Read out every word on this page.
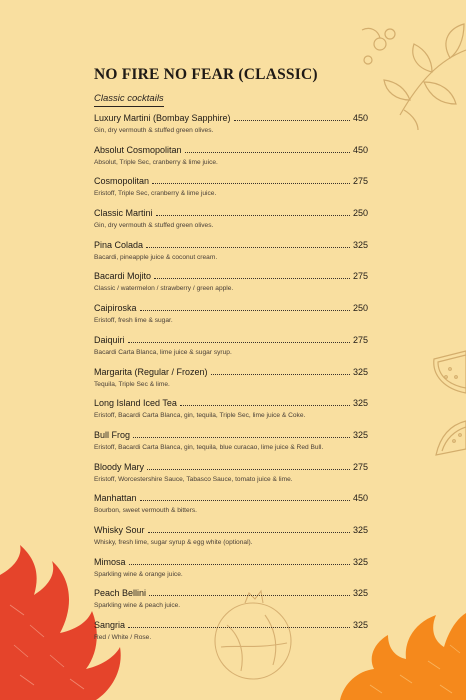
NO FIRE NO FEAR (CLASSIC)
Classic cocktails
Luxury Martini (Bombay Sapphire)	450
Gin, dry vermouth & stuffed green olives.
Absolut Cosmopolitan	450
Absolut, Triple Sec, cranberry & lime juice.
Cosmopolitan	275
Eristoff, Triple Sec, cranberry & lime juice.
Classic Martini	250
Gin, dry vermouth & stuffed green olives.
Pina Colada	325
Bacardi, pineapple juice & coconut cream.
Bacardi Mojito	275
Classic / watermelon / strawberry / green apple.
Caipiroska	250
Eristoff, fresh lime & sugar.
Daiquiri	275
Bacardi Carta Blanca, lime juice & sugar syrup.
Margarita (Regular / Frozen)	325
Tequila, Triple Sec & lime.
Long Island Iced Tea	325
Eristoff, Bacardi Carta Blanca, gin, tequila, Triple Sec, lime juice & Coke.
Bull Frog	325
Eristoff, Bacardi Carta Blanca, gin, tequila, blue curacao, lime juice & Red Bull.
Bloody Mary	275
Eristoff, Worcestershire Sauce, Tabasco Sauce, tomato juice & lime.
Manhattan	450
Bourbon, sweet vermouth & bitters.
Whisky Sour	325
Whisky, fresh lime, sugar syrup & egg white (optional).
Mimosa	325
Sparkling wine & orange juice.
Peach Bellini	325
Sparkling wine & peach juice.
Sangria	325
Red / White / Rose.
